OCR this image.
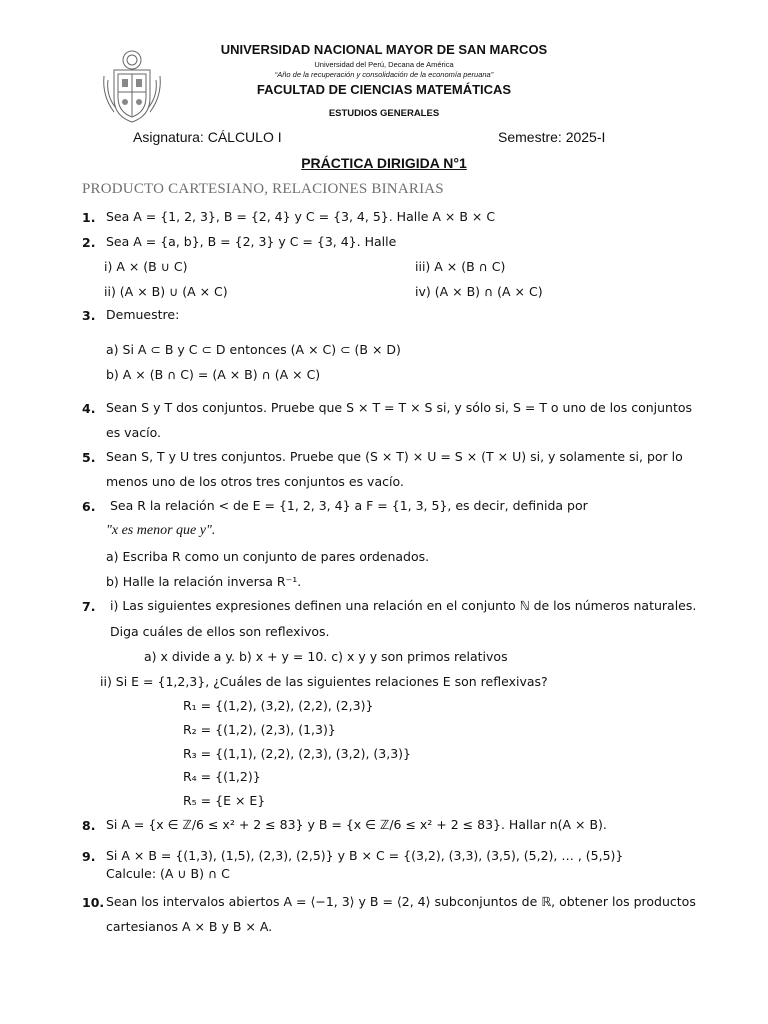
UNIVERSIDAD NACIONAL MAYOR DE SAN MARCOS
Universidad del Perú, Decana de América
“Año de la recuperación y consolidación de la economía peruana”
FACULTAD DE CIENCIAS MATEMÁTICAS
ESTUDIOS GENERALES
Asignatura: CÁLCULO I	Semestre: 2025-I
PRÁCTICA DIRIGIDA N°1
PRODUCTO CARTESIANO, RELACIONES BINARIAS
1. Sea A = {1, 2, 3}, B = {2, 4} y C = {3, 4, 5}. Halle A × B × C
2. Sea A = {a, b}, B = {2, 3} y C = {3, 4}. Halle
i) A × (B ∪ C)	iii) A × (B ∩ C)
ii) (A × B) ∪ (A × C)	iv) (A × B) ∩ (A × C)
3. Demuestre:
a) Si A ⊂ B y C ⊂ D entonces (A × C) ⊂ (B × D)
b) A × (B ∩ C) = (A × B) ∩ (A × C)
4. Sean S y T dos conjuntos. Pruebe que S × T = T × S si, y sólo si, S = T o uno de los conjuntos
es vacío.
5. Sean S, T y U tres conjuntos. Pruebe que (S × T) × U = S × (T × U) si, y solamente si, por lo
menos uno de los otros tres conjuntos es vacío.
6. Sea R la relación < de E = {1, 2, 3, 4} a F = {1, 3, 5}, es decir, definida por
"x es menor que y".
a) Escriba R como un conjunto de pares ordenados.
b) Halle la relación inversa R⁻¹.
7. i) Las siguientes expresiones definen una relación en el conjunto ℕ de los números naturales.
Diga cuáles de ellos son reflexivos.
a) x divide a y. b) x + y = 10. c) x y y son primos relativos
ii) Si E = {1,2,3}, ¿Cuáles de las siguientes relaciones E son reflexivas?
R₁ = {(1,2), (3,2), (2,2), (2,3)}
R₂ = {(1,2), (2,3), (1,3)}
R₃ = {(1,1), (2,2), (2,3), (3,2), (3,3)}
R₄ = {(1,2)}
R₅ = {E × E}
8. Si A = {x ∈ ℤ/6 ≤ x² + 2 ≤ 83} y B = {x ∈ ℤ/6 ≤ x² + 2 ≤ 83}. Hallar n(A × B).
9. Si A × B = {(1,3), (1,5), (2,3), (2,5)} y B × C = {(3,2), (3,3), (3,5), (5,2), … , (5,5)}
Calcule: (A ∪ B) ∩ C
10. Sean los intervalos abiertos A = ⟨−1, 3⟩ y B = ⟨2, 4⟩ subconjuntos de ℝ, obtener los productos
cartesianos A × B y B × A.
